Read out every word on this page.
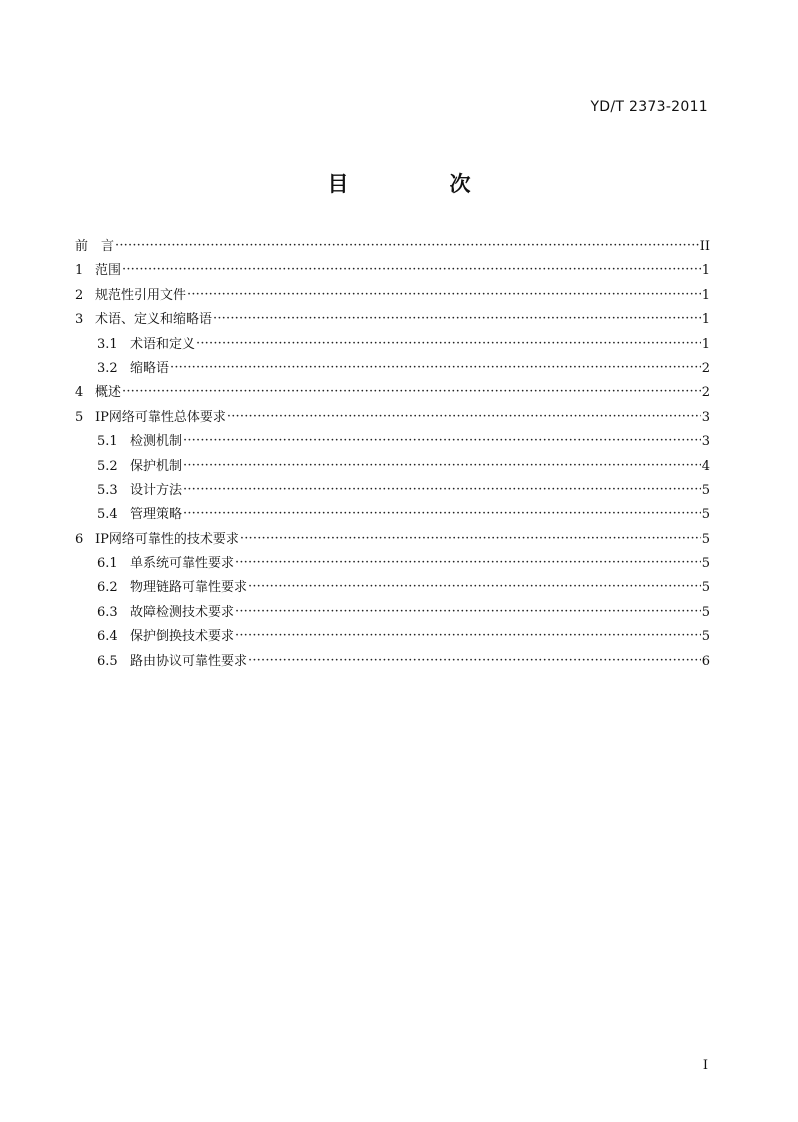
YD/T 2373-2011
目　次
前　言 ·····	II
1 范围 ·····	1
2 规范性引用文件 ·····	1
3 术语、定义和缩略语 ·····	1
3.1 术语和定义 ·····	1
3.2 缩略语 ·····	2
4 概述 ·····	2
5 IP网络可靠性总体要求 ·····	3
5.1 检测机制 ·····	3
5.2 保护机制 ·····	4
5.3 设计方法 ·····	5
5.4 管理策略 ·····	5
6 IP网络可靠性的技术要求 ·····	5
6.1 单系统可靠性要求 ·····	5
6.2 物理链路可靠性要求 ·····	5
6.3 故障检测技术要求 ·····	5
6.4 保护倒换技术要求 ·····	5
6.5 路由协议可靠性要求 ·····	6
I
